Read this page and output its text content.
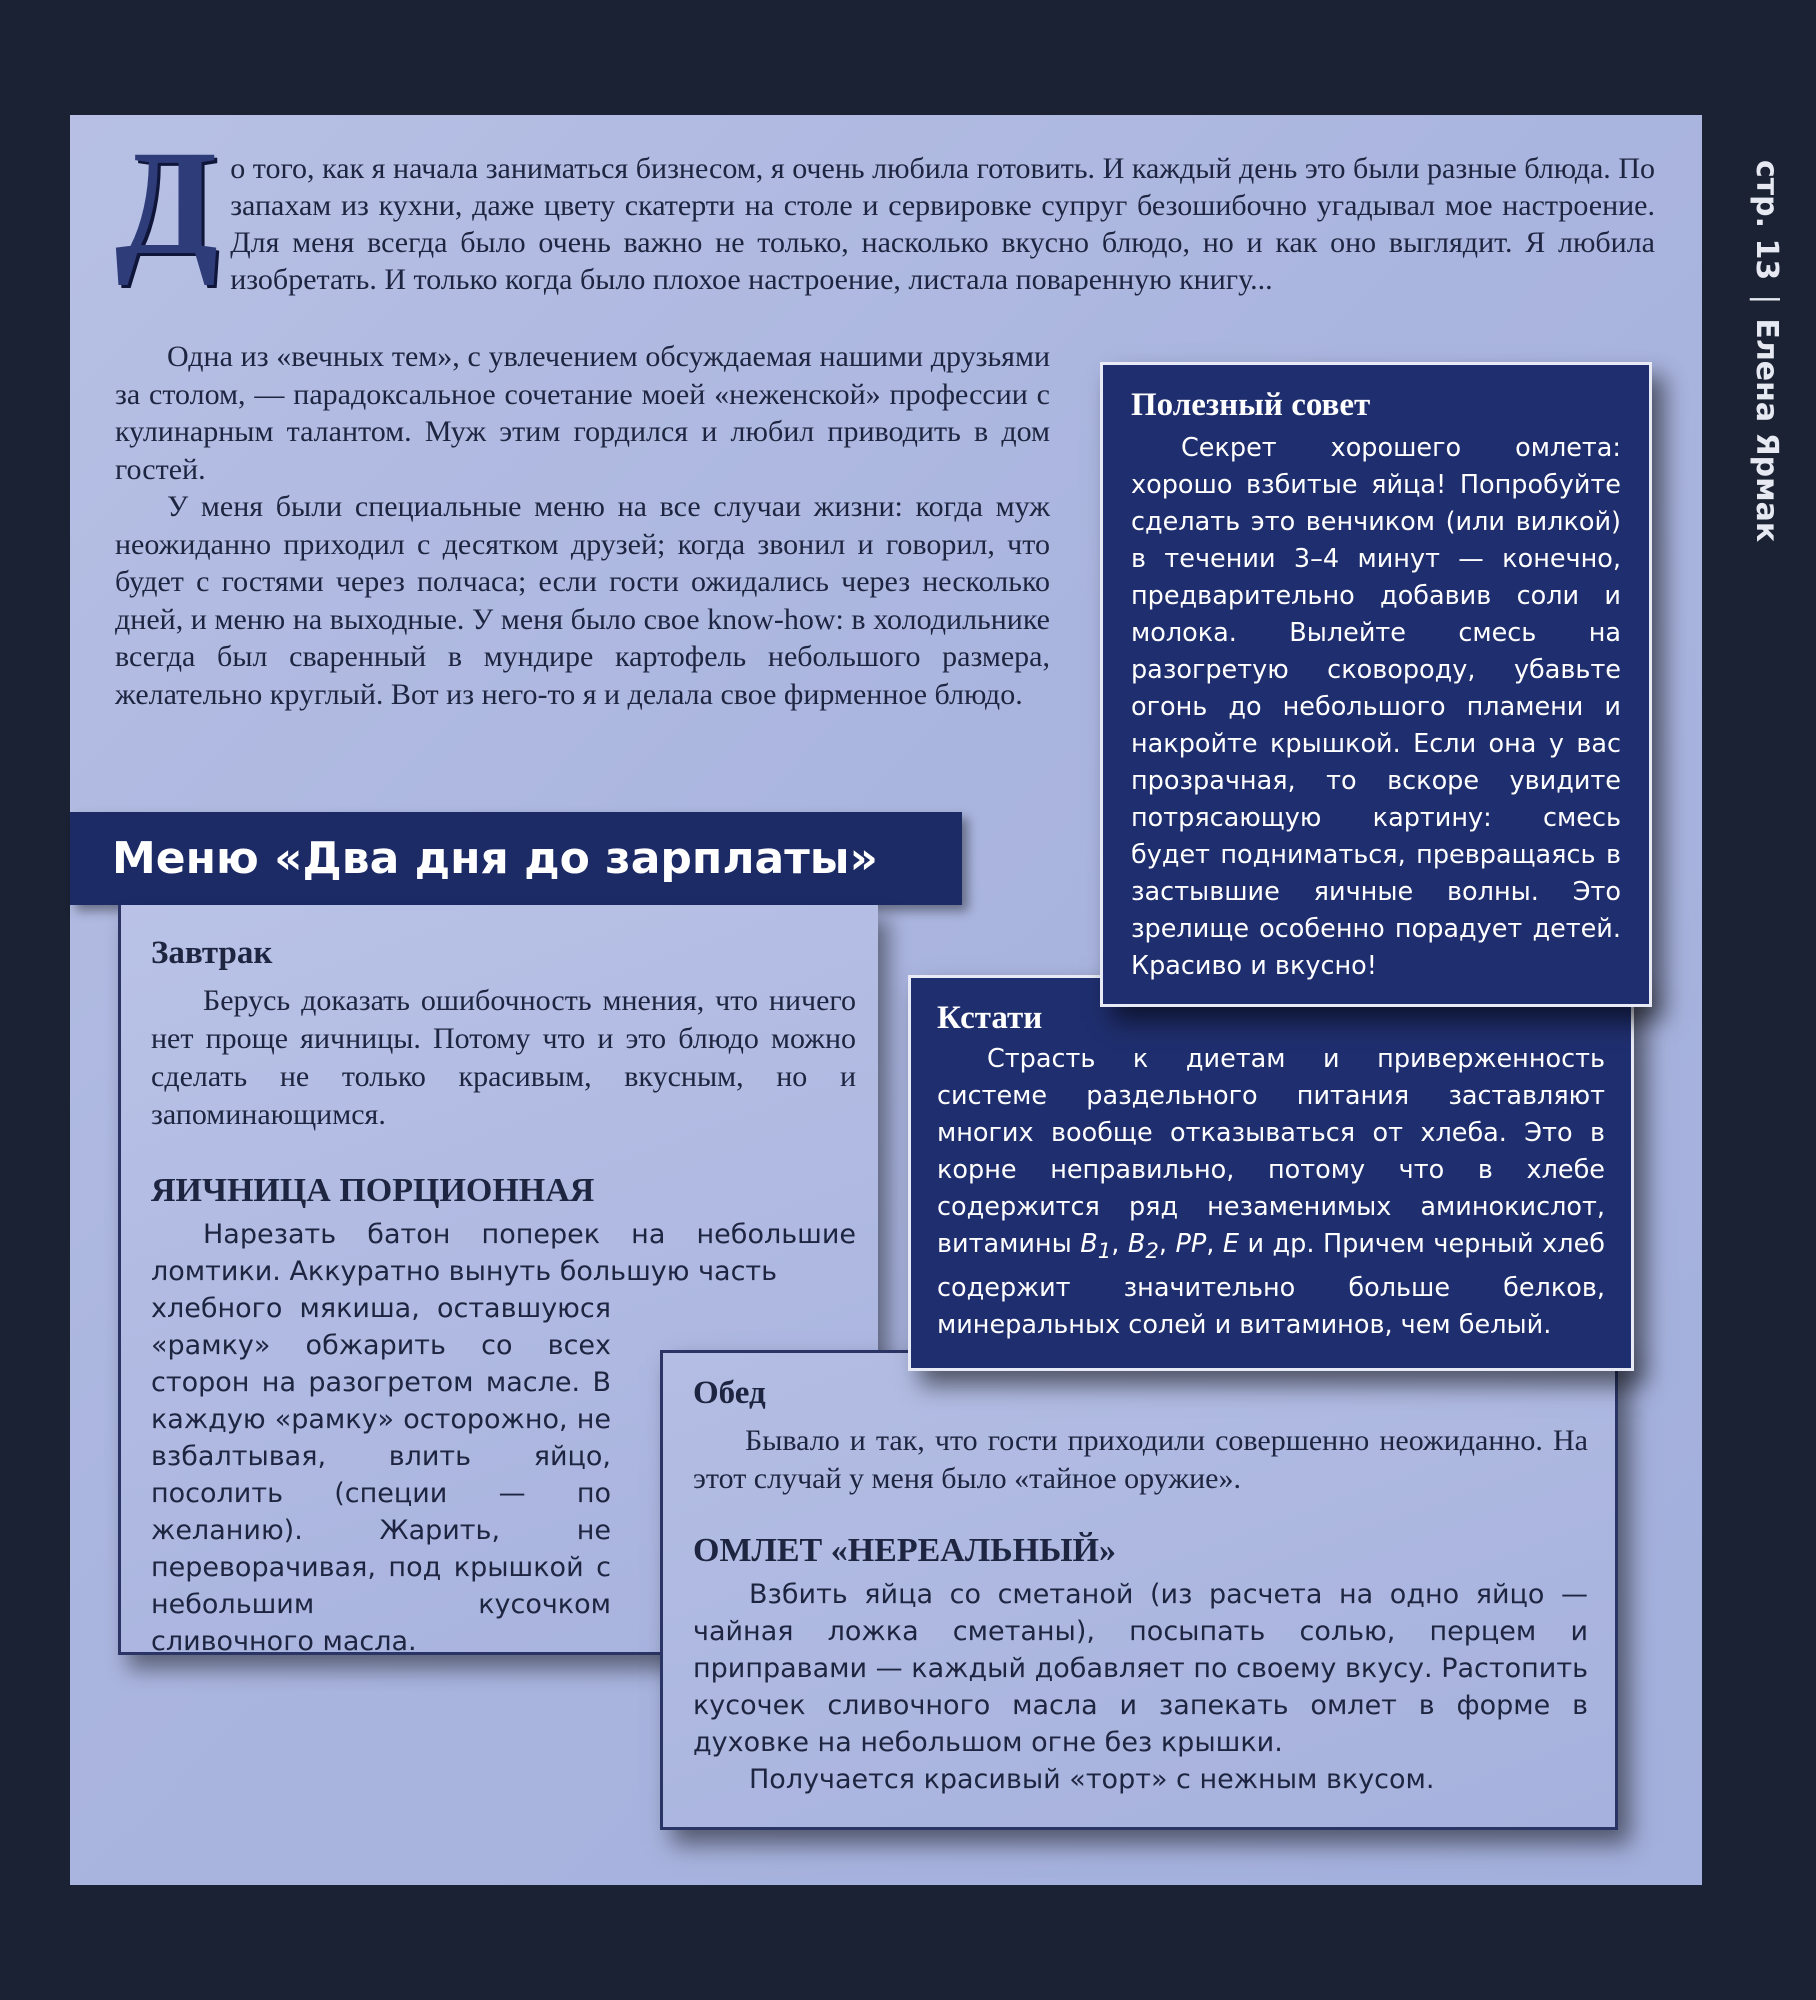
стр. 13|Елена Ярмак

До того, как я начала заниматься бизнесом, я очень любила готовить. И каждый день это были разные блюда. По запахам из кухни, даже цвету скатерти на столе и сервировке супруг безошибочно угадывал мое настроение. Для меня всегда было очень важно не только, насколько вкусно блюдо, но и как оно выглядит. Я любила изобретать. И только когда было плохое настроение, листала поваренную книгу...

Одна из «вечных тем», с увлечением обсуждаемая нашими друзьями за столом, — парадоксальное сочетание моей «неженской» профессии с кулинарным талантом. Муж этим гордился и любил приводить в дом гостей.

У меня были специальные меню на все случаи жизни: когда муж неожиданно приходил с десятком друзей; когда звонил и говорил, что будет с гостями через полчаса; если гости ожидались через несколько дней, и меню на выходные. У меня было свое know-how: в холодильнике всегда был сваренный в мундире картофель небольшого размера, желательно круглый. Вот из него-то я и делала свое фирменное блюдо.

Меню «Два дня до зарплаты»
Завтрак

Берусь доказать ошибочность мнения, что ничего нет проще яичницы. Потому что и это блюдо можно сделать не только красивым, вкусным, но и запоминающимся.

ЯИЧНИЦА ПОРЦИОННАЯ

Нарезать батон поперек на небольшие ломтики. Аккуратно вынуть большую часть

хлебного мякиша, оставшуюся «рамку» обжарить со всех сторон на разогретом масле. В каждую «рамку» осторожно, не взбалтывая, влить яйцо, посолить (специи — по желанию). Жарить, не переворачивая, под крышкой с небольшим кусочком сливочного масла.

Обед

Бывало и так, что гости приходили совершенно неожиданно. На этот случай у меня было «тайное оружие».

ОМЛЕТ «НЕРЕАЛЬНЫЙ»

Взбить яйца со сметаной (из расчета на одно яйцо — чайная ложка сметаны), посыпать солью, перцем и приправами — каждый добавляет по своему вкусу. Растопить кусочек сливочного масла и запекать омлет в форме в духовке на небольшом огне без крышки.

Получается красивый «торт» с нежным вкусом.

Кстати

Страсть к диетам и приверженность системе раздельного питания заставляют многих вообще отказываться от хлеба. Это в корне неправильно, потому что в хлебе содержится ряд незаменимых аминокислот, витамины $B_1$, $B_2$, PP, E и др. Причем черный хлеб содержит значительно больше белков, минеральных солей и витаминов, чем белый.

Полезный совет

Секрет хорошего омлета: хорошо взбитые яйца! Попробуйте сделать это венчиком (или вилкой) в течении 3–4 минут — конечно, предварительно добавив соли и молока. Вылейте смесь на разогретую сковороду, убавьте огонь до небольшого пламени и накройте крышкой. Если она у вас прозрачная, то вскоре увидите потрясающую картину: смесь будет подниматься, превращаясь в застывшие яичные волны. Это зрелище особенно порадует детей. Красиво и вкусно!
